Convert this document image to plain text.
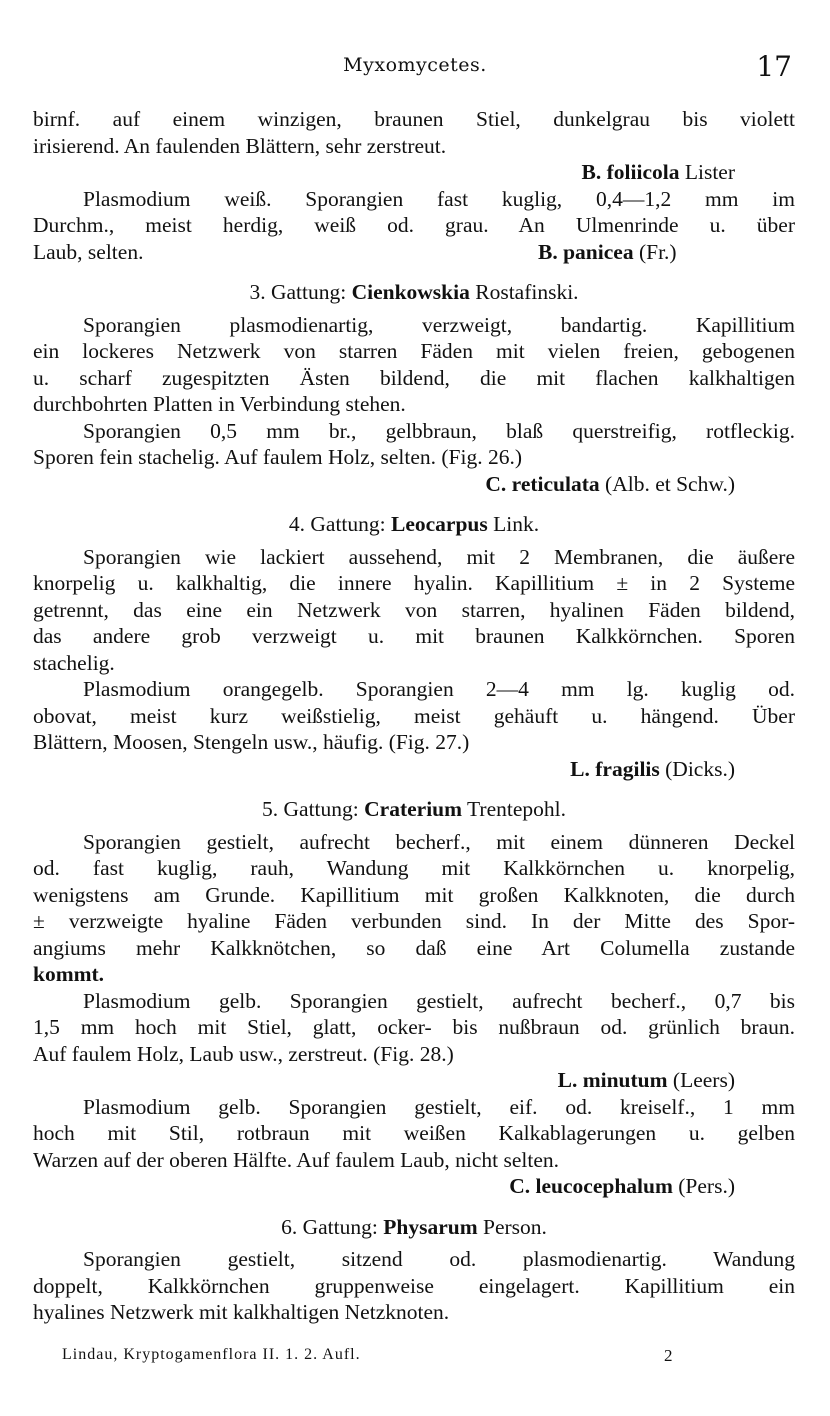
Myxomycetes.	17
birnf. auf einem winzigen, braunen Stiel, dunkelgrau bis violett
irisierend. An faulenden Blättern, sehr zerstreut.
B. foliicola Lister
Plasmodium weiß. Sporangien fast kuglig, 0,4—1,2 mm im
Durchm., meist herdig, weiß od. grau. An Ulmenrinde u. über
Laub, selten.	B. panicea (Fr.)
3. Gattung: Cienkowskia Rostafinski.
Sporangien plasmodienartig, verzweigt, bandartig. Kapillitium
ein lockeres Netzwerk von starren Fäden mit vielen freien, gebogenen
u. scharf zugespitzten Ästen bildend, die mit flachen kalkhaltigen
durchbohrten Platten in Verbindung stehen.
Sporangien 0,5 mm br., gelbbraun, blaß querstreifig, rotfleckig.
Sporen fein stachelig. Auf faulem Holz, selten. (Fig. 26.)
C. reticulata (Alb. et Schw.)
4. Gattung: Leocarpus Link.
Sporangien wie lackiert aussehend, mit 2 Membranen, die äußere
knorpelig u. kalkhaltig, die innere hyalin. Kapillitium ± in 2 Systeme
getrennt, das eine ein Netzwerk von starren, hyalinen Fäden bildend,
das andere grob verzweigt u. mit braunen Kalkkörnchen. Sporen
stachelig.
Plasmodium orangegelb. Sporangien 2—4 mm lg. kuglig od.
obovat, meist kurz weißstielig, meist gehäuft u. hängend. Über
Blättern, Moosen, Stengeln usw., häufig. (Fig. 27.)
L. fragilis (Dicks.)
5. Gattung: Craterium Trentepohl.
Sporangien gestielt, aufrecht becherf., mit einem dünneren Deckel
od. fast kuglig, rauh, Wandung mit Kalkkörnchen u. knorpelig,
wenigstens am Grunde. Kapillitium mit großen Kalkknoten, die durch
± verzweigte hyaline Fäden verbunden sind. In der Mitte des Spor-
angiums mehr Kalkknötchen, so daß eine Art Columella zustande
kommt.
Plasmodium gelb. Sporangien gestielt, aufrecht becherf., 0,7 bis
1,5 mm hoch mit Stiel, glatt, ocker- bis nußbraun od. grünlich braun.
Auf faulem Holz, Laub usw., zerstreut. (Fig. 28.)
L. minutum (Leers)
Plasmodium gelb. Sporangien gestielt, eif. od. kreiself., 1 mm
hoch mit Stil, rotbraun mit weißen Kalkablagerungen u. gelben
Warzen auf der oberen Hälfte. Auf faulem Laub, nicht selten.
C. leucocephalum (Pers.)
6. Gattung: Physarum Person.
Sporangien gestielt, sitzend od. plasmodienartig. Wandung
doppelt, Kalkkörnchen gruppenweise eingelagert. Kapillitium ein
hyalines Netzwerk mit kalkhaltigen Netzknoten.
Lindau, Kryptogamenflora II. 1. 2. Aufl.	2
